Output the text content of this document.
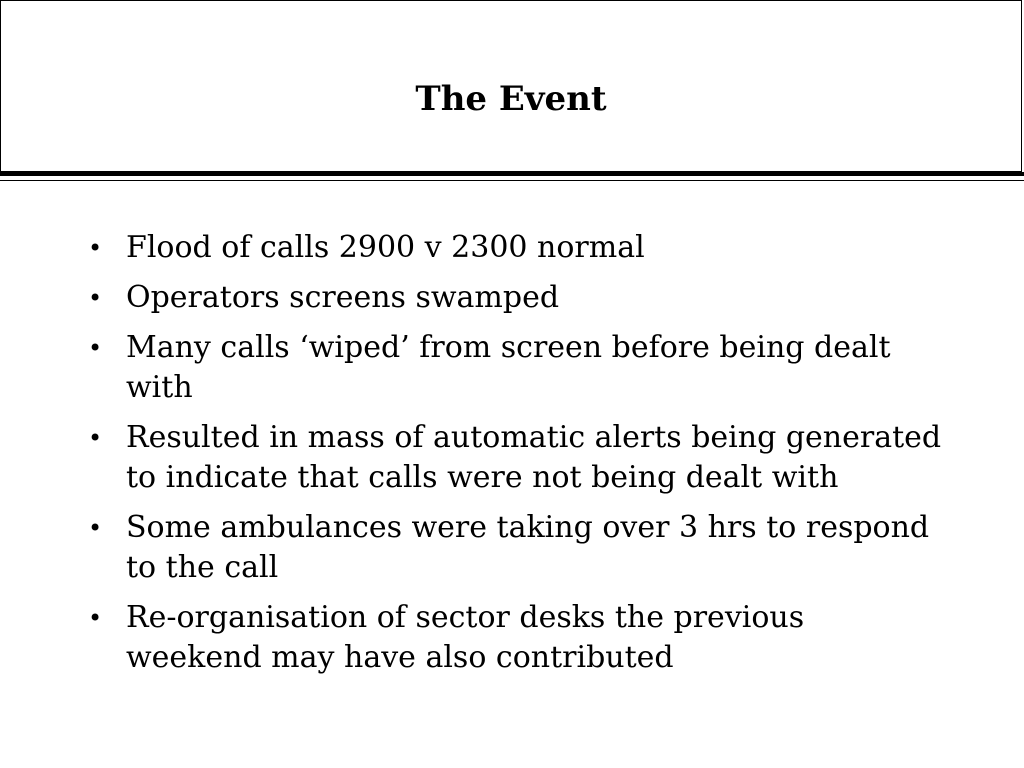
The Event
• Flood of calls 2900 v 2300 normal
• Operators screens swamped
• Many calls ‘wiped’ from screen before being dealt with
• Resulted in mass of automatic alerts being generated to indicate that calls were not being dealt with
• Some ambulances were taking over 3 hrs to respond to the call
• Re-organisation of sector desks the previous weekend may have also contributed
